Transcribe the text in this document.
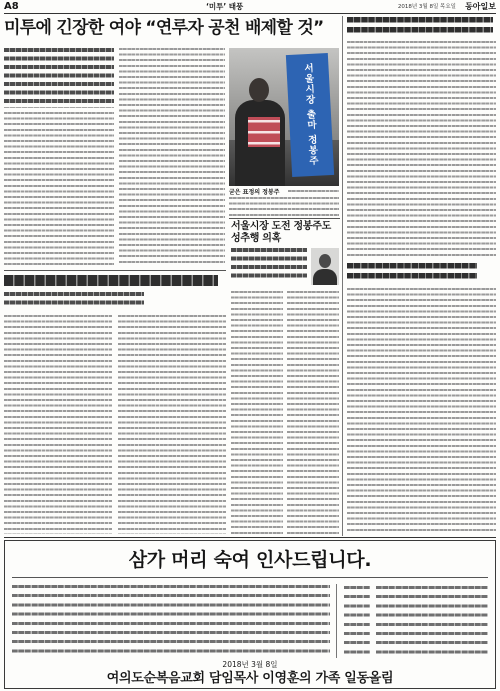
A8	‘미투’ 태풍	2018년 3월 8일 목요일 동아일보
미투에 긴장한 여야 “연루자 공천 배제할 것”
서울시장 출마 정봉주
굳은 표정의 정봉주
서울시장 도전 정봉주도 성추행 의혹
삼가 머리 숙여 인사드립니다.
2018년 3월 8일
여의도순복음교회 담임목사 이영훈의 가족 일동올림
